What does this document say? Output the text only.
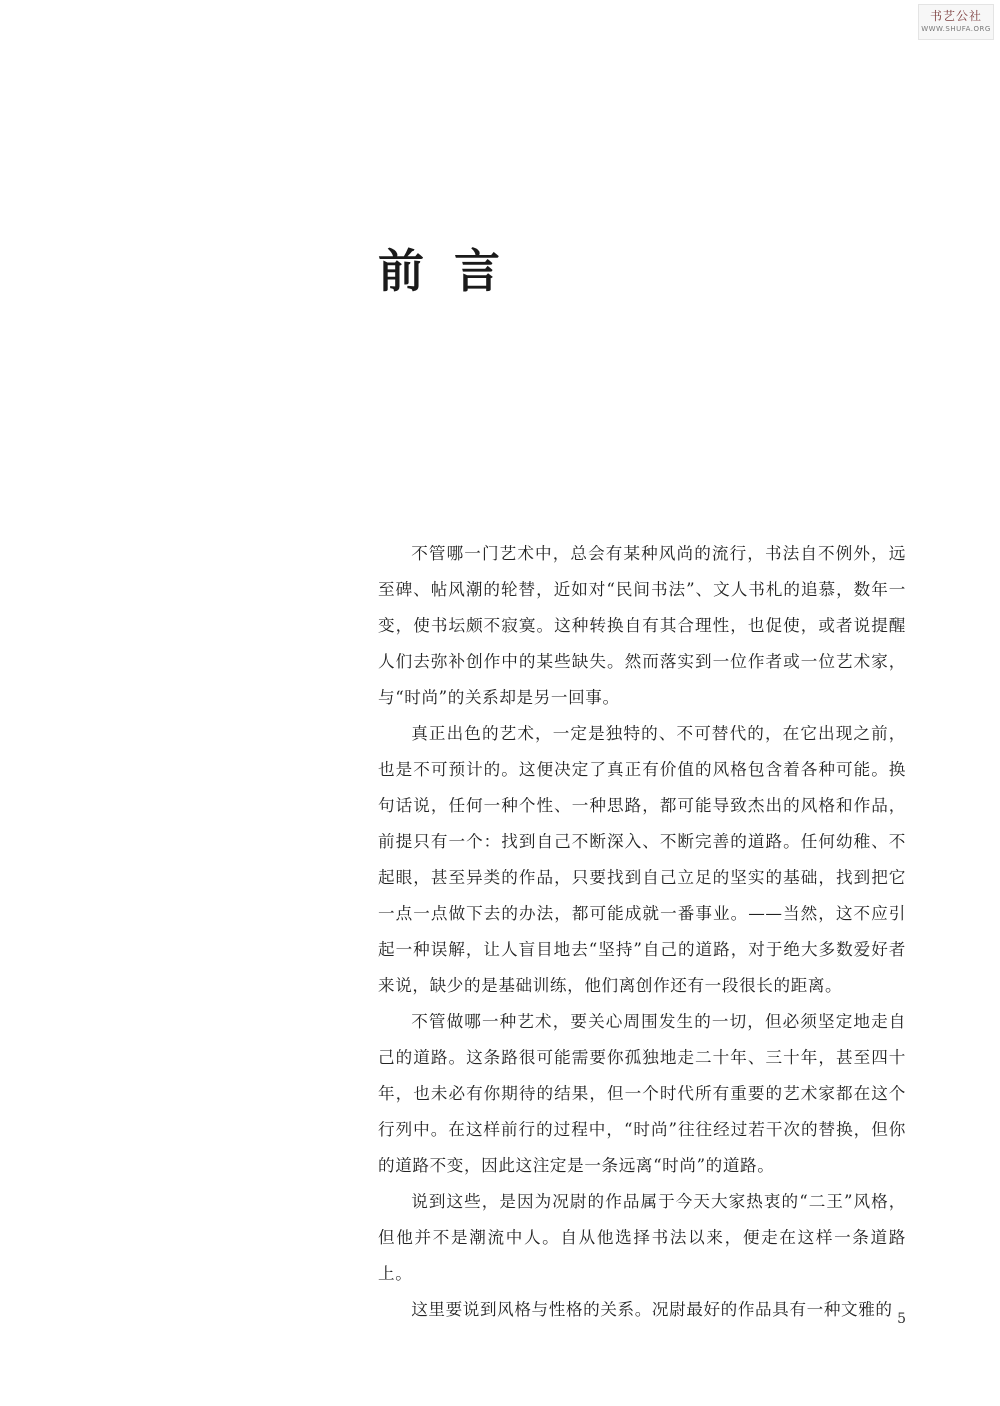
书艺公社
WWW.SHUFA.ORG
前言

不管哪一门艺术中，总会有某种风尚的流行，书法自不例外，远至碑、帖风潮的轮替，近如对“民间书法”、文人书札的追慕，数年一变，使书坛颇不寂寞。这种转换自有其合理性，也促使，或者说提醒人们去弥补创作中的某些缺失。然而落实到一位作者或一位艺术家，与“时尚”的关系却是另一回事。

真正出色的艺术，一定是独特的、不可替代的，在它出现之前，也是不可预计的。这便决定了真正有价值的风格包含着各种可能。换句话说，任何一种个性、一种思路，都可能导致杰出的风格和作品，前提只有一个：找到自己不断深入、不断完善的道路。任何幼稚、不起眼，甚至异类的作品，只要找到自己立足的坚实的基础，找到把它一点一点做下去的办法，都可能成就一番事业。——当然，这不应引起一种误解，让人盲目地去“坚持”自己的道路，对于绝大多数爱好者来说，缺少的是基础训练，他们离创作还有一段很长的距离。

不管做哪一种艺术，要关心周围发生的一切，但必须坚定地走自己的道路。这条路很可能需要你孤独地走二十年、三十年，甚至四十年，也未必有你期待的结果，但一个时代所有重要的艺术家都在这个行列中。在这样前行的过程中，“时尚”往往经过若干次的替换，但你的道路不变，因此这注定是一条远离“时尚”的道路。

说到这些，是因为况尉的作品属于今天大家热衷的“二王”风格，但他并不是潮流中人。自从他选择书法以来，便走在这样一条道路上。

这里要说到风格与性格的关系。况尉最好的作品具有一种文雅的 5
